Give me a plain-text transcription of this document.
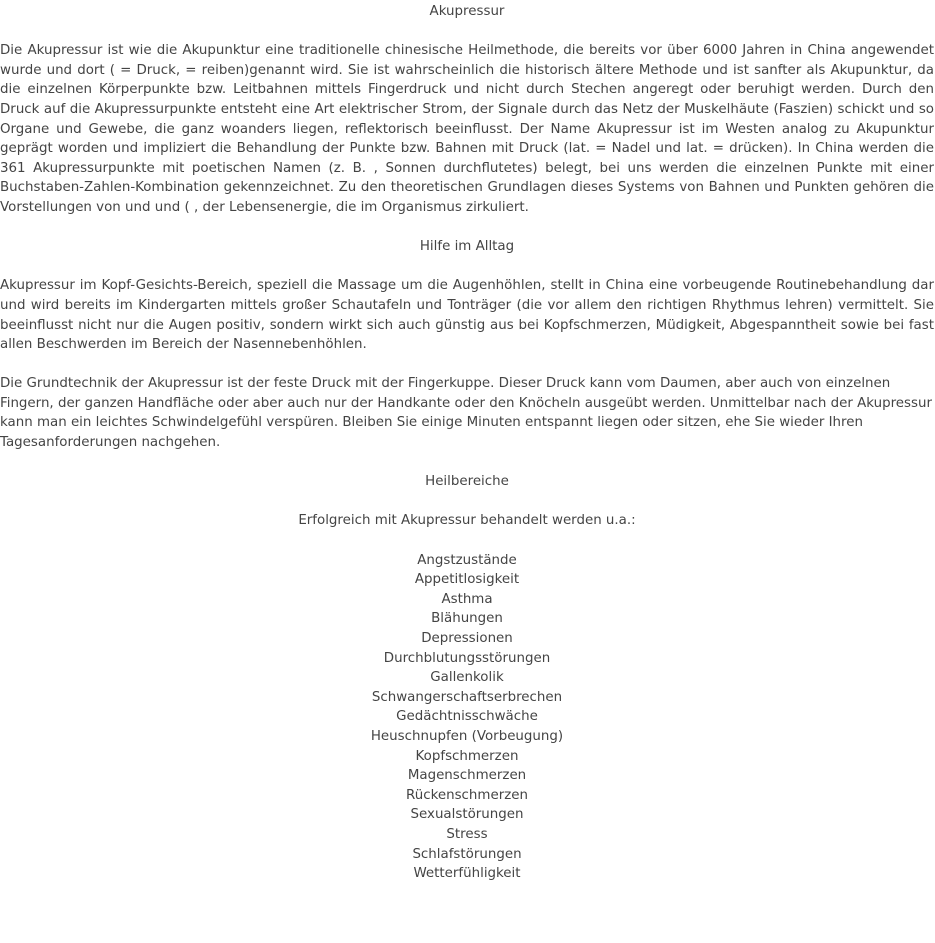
Akupressur

Die Akupressur ist wie die Akupunktur eine traditionelle chinesische Heilmethode, die bereits vor über 6000 Jahren in China angewendet wurde und dort ( = Druck, = reiben)genannt wird. Sie ist wahrscheinlich die historisch ältere Methode und ist sanfter als Akupunktur, da die einzelnen Körperpunkte bzw. Leitbahnen mittels Fingerdruck und nicht durch Stechen angeregt oder beruhigt werden. Durch den Druck auf die Akupressurpunkte entsteht eine Art elektrischer Strom, der Signale durch das Netz der Muskelhäute (Faszien) schickt und so Organe und Gewebe, die ganz woanders liegen, reflektorisch beeinflusst. Der Name Akupressur ist im Westen analog zu Akupunktur geprägt worden und impliziert die Behandlung der Punkte bzw. Bahnen mit Druck (lat. = Nadel und lat. = drücken). In China werden die 361 Akupressurpunkte mit poetischen Namen (z. B. , Sonnen durchflutetes) belegt, bei uns werden die einzelnen Punkte mit einer Buchstaben-Zahlen-Kombination gekennzeichnet. Zu den theoretischen Grundlagen dieses Systems von Bahnen und Punkten gehören die Vorstellungen von und und ( , der Lebensenergie, die im Organismus zirkuliert.

Hilfe im Alltag

Akupressur im Kopf-Gesichts-Bereich, speziell die Massage um die Augenhöhlen, stellt in China eine vorbeugende Routinebehandlung dar und wird bereits im Kindergarten mittels großer Schautafeln und Tonträger (die vor allem den richtigen Rhythmus lehren) vermittelt. Sie beeinflusst nicht nur die Augen positiv, sondern wirkt sich auch günstig aus bei Kopfschmerzen, Müdigkeit, Abgespanntheit sowie bei fast allen Beschwerden im Bereich der Nasennebenhöhlen.

Die Grundtechnik der Akupressur ist der feste Druck mit der Fingerkuppe. Dieser Druck kann vom Daumen, aber auch von einzelnen Fingern, der ganzen Handfläche oder aber auch nur der Handkante oder den Knöcheln ausgeübt werden. Unmittelbar nach der Akupressur kann man ein leichtes Schwindelgefühl verspüren. Bleiben Sie einige Minuten entspannt liegen oder sitzen, ehe Sie wieder Ihren Tagesanforderungen nachgehen.

Heilbereiche

Erfolgreich mit Akupressur behandelt werden u.a.:

Angstzustände
Appetitlosigkeit
Asthma
Blähungen
Depressionen
Durchblutungsstörungen
Gallenkolik
Schwangerschaftserbrechen
Gedächtnisschwäche
Heuschnupfen (Vorbeugung)
Kopfschmerzen
Magenschmerzen
Rückenschmerzen
Sexualstörungen
Stress
Schlafstörungen
Wetterfühligkeit
